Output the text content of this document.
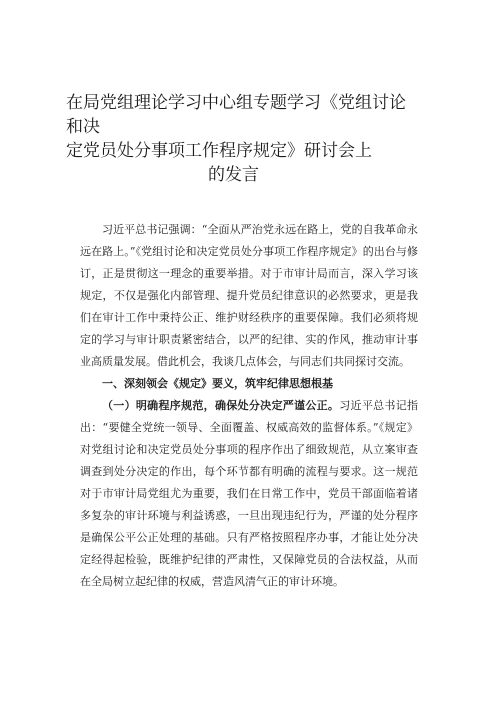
在局党组理论学习中心组专题学习《党组讨论和决
定党员处分事项工作程序规定》研讨会上
的发言

习近平总书记强调：“全面从严治党永远在路上，党的自我革命永远在路上。”《党组讨论和决定党员处分事项工作程序规定》的出台与修订，正是贯彻这一理念的重要举措。对于市审计局而言，深入学习该规定，不仅是强化内部管理、提升党员纪律意识的必然要求，更是我们在审计工作中秉持公正、维护财经秩序的重要保障。我们必须将规定的学习与审计职责紧密结合，以严的纪律、实的作风，推动审计事业高质量发展。借此机会，我谈几点体会，与同志们共同探讨交流。

一、深刻领会《规定》要义，筑牢纪律思想根基

（一）明确程序规范，确保处分决定严谨公正。习近平总书记指出：“要健全党统一领导、全面覆盖、权威高效的监督体系。”《规定》对党组讨论和决定党员处分事项的程序作出了细致规范，从立案审查调查到处分决定的作出，每个环节都有明确的流程与要求。这一规范对于市审计局党组尤为重要，我们在日常工作中，党员干部面临着诸多复杂的审计环境与利益诱惑，一旦出现违纪行为，严谨的处分程序是确保公平公正处理的基础。只有严格按照程序办事，才能让处分决定经得起检验，既维护纪律的严肃性，又保障党员的合法权益，从而在全局树立起纪律的权威，营造风清气正的审计环境。
